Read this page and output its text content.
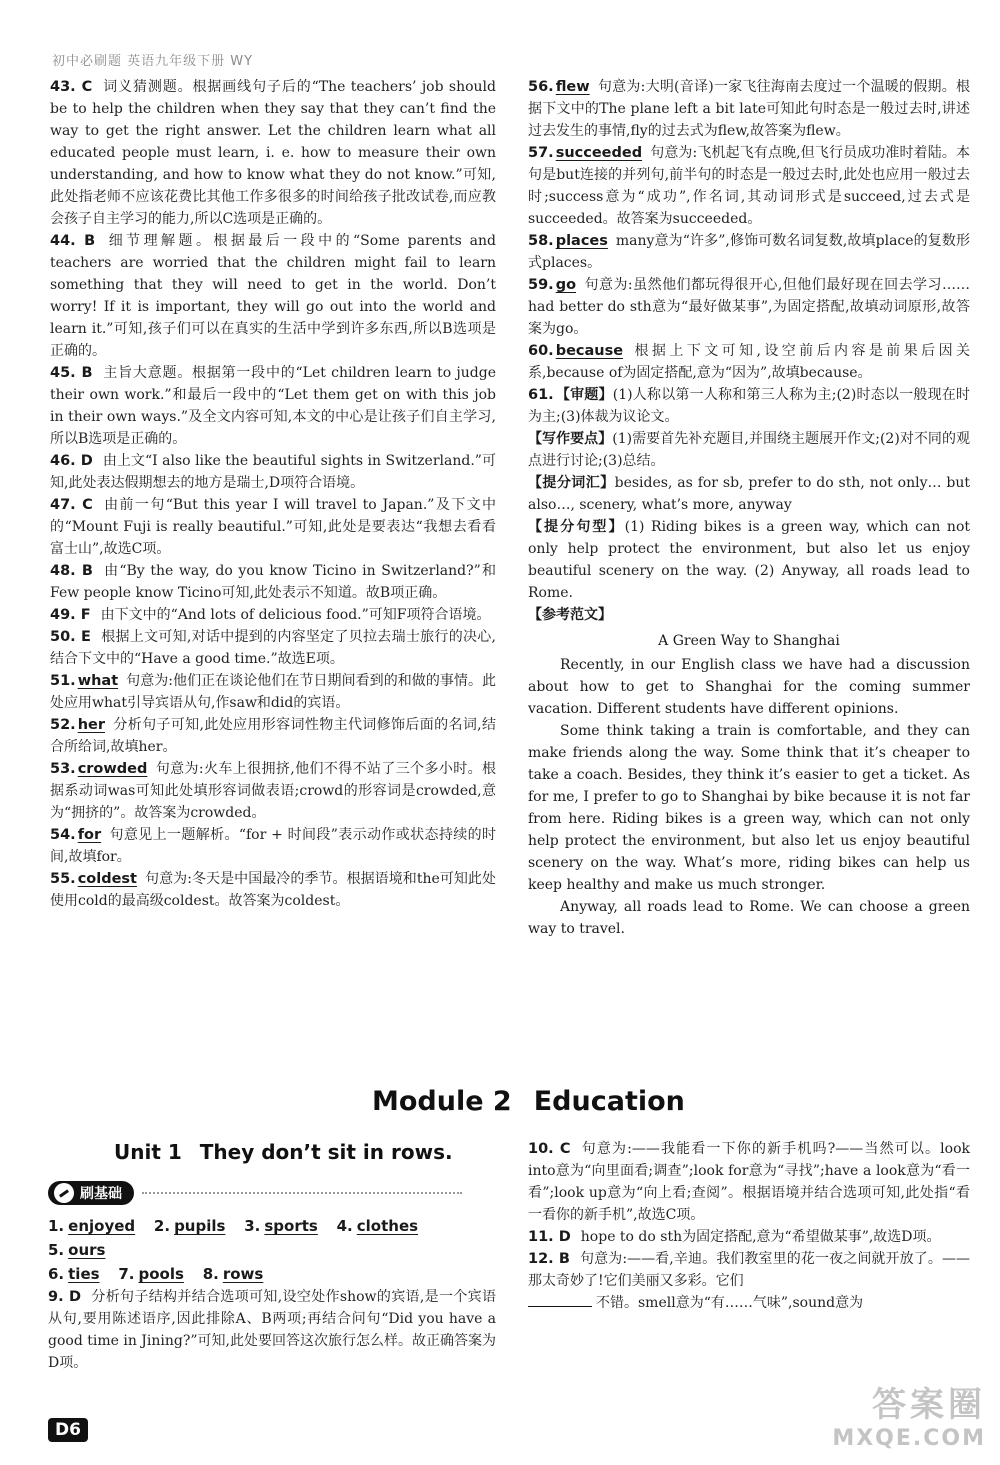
初中必刷题 英语九年级下册 WY

43. C 词义猜测题。根据画线句子后的“The teachers’ job should be to help the children when they say that they can’t find the way to get the right answer. Let the children learn what all educated people must learn, i. e. how to measure their own understanding, and how to know what they do not know.”可知,此处指老师不应该花费比其他工作多很多的时间给孩子批改试卷,而应教会孩子自主学习的能力,所以C选项是正确的。

44. B 细节理解题。根据最后一段中的“Some parents and teachers are worried that the children might fail to learn something that they will need to get in the world. Don’t worry! If it is important, they will go out into the world and learn it.”可知,孩子们可以在真实的生活中学到许多东西,所以B选项是正确的。

45. B 主旨大意题。根据第一段中的“Let children learn to judge their own work.”和最后一段中的“Let them get on with this job in their own ways.”及全文内容可知,本文的中心是让孩子们自主学习,所以B选项是正确的。

46. D 由上文“I also like the beautiful sights in Switzerland.”可知,此处表达假期想去的地方是瑞士,D项符合语境。

47. C 由前一句“But this year I will travel to Japan.”及下文中的“Mount Fuji is really beautiful.”可知,此处是要表达“我想去看看富士山”,故选C项。

48. B 由“By the way, do you know Ticino in Switzerland?”和Few people know Ticino可知,此处表示不知道。故B项正确。

49. F 由下文中的“And lots of delicious food.”可知F项符合语境。

50. E 根据上文可知,对话中提到的内容坚定了贝拉去瑞士旅行的决心,结合下文中的“Have a good time.”故选E项。

51. what 句意为:他们正在谈论他们在节日期间看到的和做的事情。此处应用what引导宾语从句,作saw和did的宾语。

52. her 分析句子可知,此处应用形容词性物主代词修饰后面的名词,结合所给词,故填her。

53. crowded 句意为:火车上很拥挤,他们不得不站了三个多小时。根据系动词was可知此处填形容词做表语;crowd的形容词是crowded,意为“拥挤的”。故答案为crowded。

54. for 句意见上一题解析。“for + 时间段”表示动作或状态持续的时间,故填for。

55. coldest 句意为:冬天是中国最冷的季节。根据语境和the可知此处使用cold的最高级coldest。故答案为coldest。

56. flew 句意为:大明(音译)一家飞往海南去度过一个温暖的假期。根据下文中的The plane left a bit late可知此句时态是一般过去时,讲述过去发生的事情,fly的过去式为flew,故答案为flew。

57. succeeded 句意为:飞机起飞有点晚,但飞行员成功准时着陆。本句是but连接的并列句,前半句的时态是一般过去时,此处也应用一般过去时;success意为“成功”,作名词,其动词形式是succeed,过去式是succeeded。故答案为succeeded。

58. places many意为“许多”,修饰可数名词复数,故填place的复数形式places。

59. go 句意为:虽然他们都玩得很开心,但他们最好现在回去学习…… had better do sth意为“最好做某事”,为固定搭配,故填动词原形,故答案为go。

60. because 根据上下文可知,设空前后内容是前果后因关系,because of为固定搭配,意为“因为”,故填because。

61. 【审题】(1)人称以第一人称和第三人称为主;(2)时态以一般现在时为主;(3)体裁为议论文。

【写作要点】(1)需要首先补充题目,并围绕主题展开作文;(2)对不同的观点进行讨论;(3)总结。

【提分词汇】besides, as for sb, prefer to do sth, not only… but also…, scenery, what’s more, anyway

【提分句型】(1) Riding bikes is a green way, which can not only help protect the environment, but also let us enjoy beautiful scenery on the way. (2) Anyway, all roads lead to Rome.

【参考范文】

A Green Way to Shanghai

Recently, in our English class we have had a discussion about how to get to Shanghai for the coming summer vacation. Different students have different opinions.

Some think taking a train is comfortable, and they can make friends along the way. Some think that it’s cheaper to take a coach. Besides, they think it’s easier to get a ticket. As for me, I prefer to go to Shanghai by bike because it is not far from here. Riding bikes is a green way, which can not only help protect the environment, but also let us enjoy beautiful scenery on the way. What’s more, riding bikes can help us keep healthy and make us much stronger.

Anyway, all roads lead to Rome. We can choose a green way to travel.

Module 2 Education
Unit 1 They don’t sit in rows.
刷基础
1. enjoyed 2. pupils 3. sports 4. clothes 5. ours
6. ties 7. pools 8. rows

9. D 分析句子结构并结合选项可知,设空处作show的宾语,是一个宾语从句,要用陈述语序,因此排除A、B两项;再结合问句“Did you have a good time in Jining?”可知,此处要回答这次旅行怎么样。故正确答案为D项。

10. C 句意为:——我能看一下你的新手机吗?——当然可以。look into意为“向里面看;调查”;look for意为“寻找”;have a look意为“看一看”;look up意为“向上看;查阅”。根据语境并结合选项可知,此处指“看一看你的新手机”,故选C项。

11. D hope to do sth为固定搭配,意为“希望做某事”,故选D项。

12. B 句意为:——看,辛迪。我们教室里的花一夜之间就开放了。——那太奇妙了!它们美丽又多彩。它们
不错。smell意为“有……气味”,sound意为

D6
答案圈
MXQE.COM
